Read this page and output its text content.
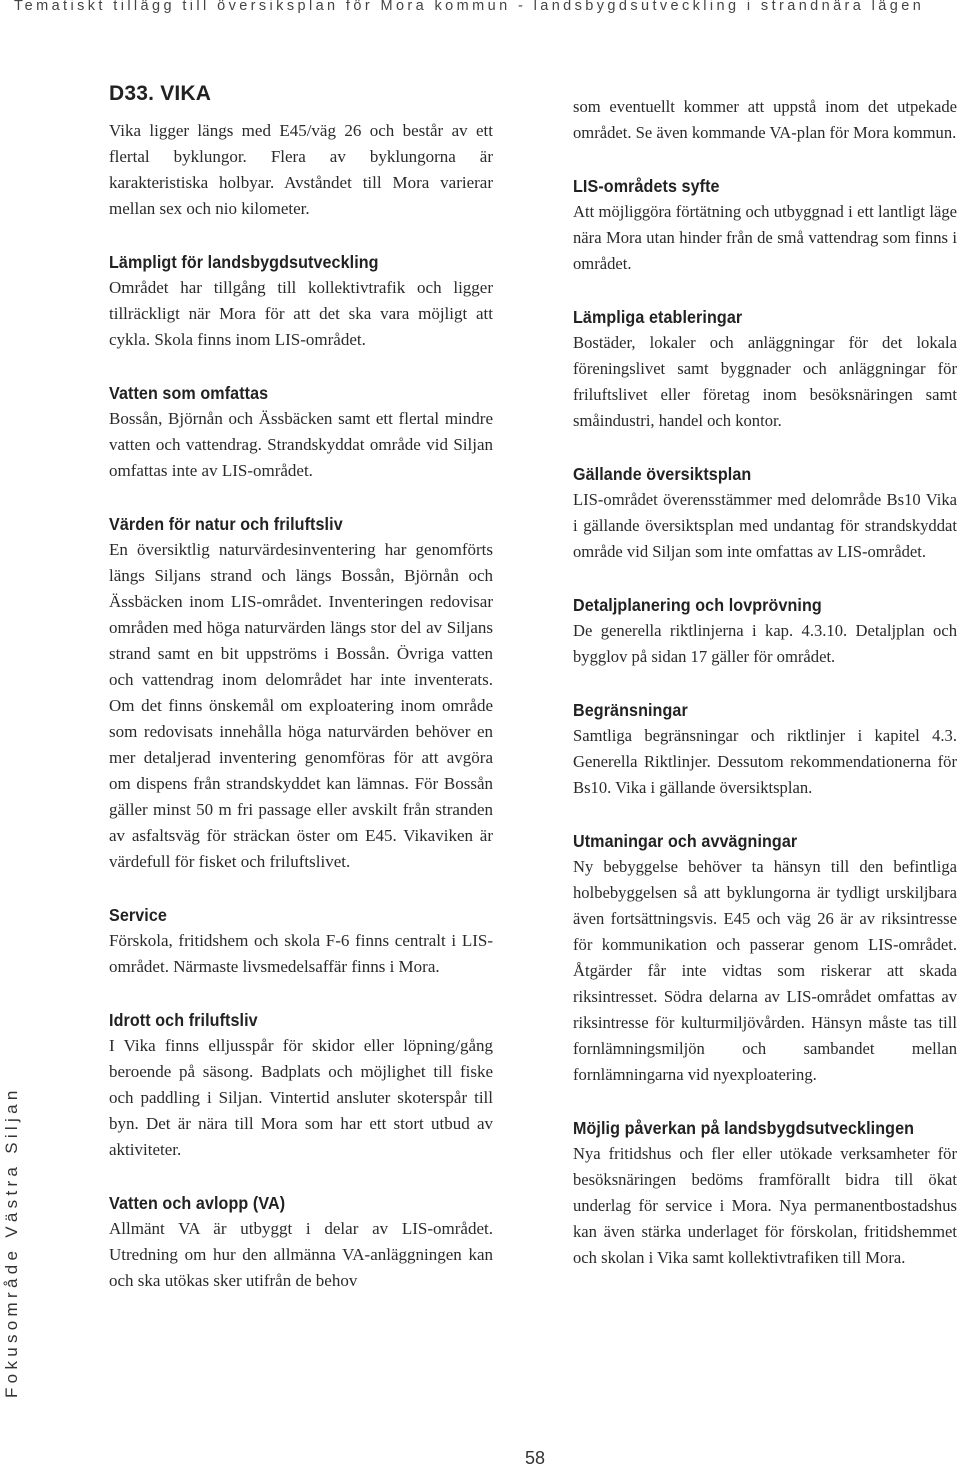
Tematiskt tillägg till översiksplan för Mora kommun - landsbygdsutveckling i strandnära lägen
Fokusområde Västra Siljan
D33. VIKA

Vika ligger längs med E45/väg 26 och består av ett flertal byklungor. Flera av byklungorna är karakteristiska holbyar. Avståndet till Mora varierar mellan sex och nio kilometer.

Lämpligt för landsbygdsutveckling

Området har tillgång till kollektivtrafik och ligger tillräckligt när Mora för att det ska vara möjligt att cykla. Skola finns inom LIS-området.

Vatten som omfattas

Bossån, Björnån och Ässbäcken samt ett flertal mindre vatten och vattendrag. Strandskyddat område vid Siljan omfattas inte av LIS-området.

Värden för natur och friluftsliv

En översiktlig naturvärdesinventering har genomförts längs Siljans strand och längs Bossån, Björnån och Ässbäcken inom LIS-området. Inventeringen redovisar områden med höga naturvärden längs stor del av Siljans strand samt en bit uppströms i Bossån. Övriga vatten och vattendrag inom delområdet har inte inventerats. Om det finns önskemål om exploatering inom område som redovisats innehålla höga naturvärden behöver en mer detaljerad inventering genomföras för att avgöra om dispens från strandskyddet kan lämnas. För Bossån gäller minst 50 m fri passage eller avskilt från stranden av asfaltsväg för sträckan öster om E45. Vikaviken är värdefull för fisket och friluftslivet.

Service

Förskola, fritidshem och skola F-6 finns centralt i LIS-området. Närmaste livsmedelsaffär finns i Mora.

Idrott och friluftsliv

I Vika finns elljusspår för skidor eller löpning/gång beroende på säsong. Badplats och möjlighet till fiske och paddling i Siljan. Vintertid ansluter skoterspår till byn. Det är nära till Mora som har ett stort utbud av aktiviteter.

Vatten och avlopp (VA)

Allmänt VA är utbyggt i delar av LIS-området. Utredning om hur den allmänna VA-anläggningen kan och ska utökas sker utifrån de behov

som eventuellt kommer att uppstå inom det utpekade området. Se även kommande VA-plan för Mora kommun.

LIS-områdets syfte

Att möjliggöra förtätning och utbyggnad i ett lantligt läge nära Mora utan hinder från de små vattendrag som finns i området.

Lämpliga etableringar

Bostäder, lokaler och anläggningar för det lokala föreningslivet samt byggnader och anläggningar för friluftslivet eller företag inom besöksnäringen samt småindustri, handel och kontor.

Gällande översiktsplan

LIS-området överensstämmer med delområde Bs10 Vika i gällande översiktsplan med undantag för strandskyddat område vid Siljan som inte omfattas av LIS-området.

Detaljplanering och lovprövning

De generella riktlinjerna i kap. 4.3.10. Detaljplan och bygglov på sidan 17 gäller för området.

Begränsningar

Samtliga begränsningar och riktlinjer i kapitel 4.3. Generella Riktlinjer. Dessutom rekommendationerna för Bs10. Vika i gällande översiktsplan.

Utmaningar och avvägningar

Ny bebyggelse behöver ta hänsyn till den befintliga holbebyggelsen så att byklungorna är tydligt urskiljbara även fortsättningsvis. E45 och väg 26 är av riksintresse för kommunikation och passerar genom LIS-området. Åtgärder får inte vidtas som riskerar att skada riksintresset. Södra delarna av LIS-området omfattas av riksintresse för kulturmiljövården. Hänsyn måste tas till fornlämningsmiljön och sambandet mellan fornlämningarna vid nyexploatering.

Möjlig påverkan på landsbygdsutvecklingen

Nya fritidshus och fler eller utökade verksamheter för besöksnäringen bedöms framförallt bidra till ökat underlag för service i Mora. Nya permanentbostadshus kan även stärka underlaget för förskolan, fritidshemmet och skolan i Vika samt kollektivtrafiken till Mora.

58
